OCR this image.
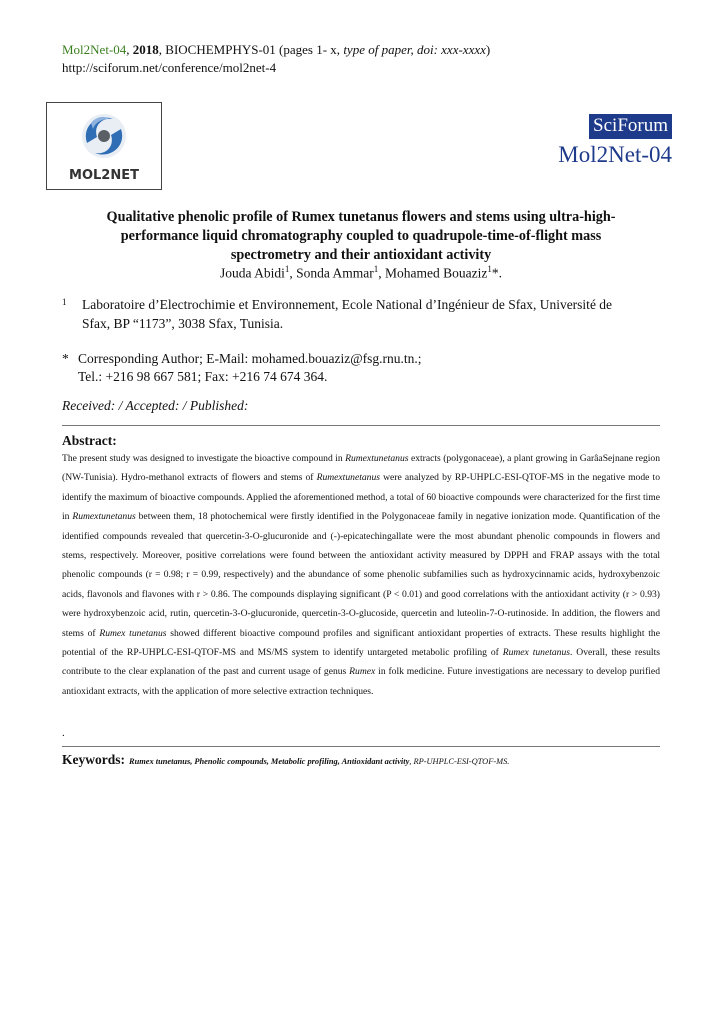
Mol2Net-04, 2018, BIOCHEMPHYS-01 (pages 1- x, type of paper, doi: xxx-xxxx)
http://sciforum.net/conference/mol2net-4
MOL2NET
SciForum
Mol2Net-04
Qualitative phenolic profile of Rumex tunetanus flowers and stems using ultra-high-
performance liquid chromatography coupled to quadrupole-time-of-flight mass
spectrometry and their antioxidant activity
Jouda Abidi$^1$, Sonda Ammar$^1$, Mohamed Bouaziz$^1$*.
1 Laboratoire d’Electrochimie et Environnement, Ecole National d’Ingénieur de Sfax, Université de
Sfax, BP “1173”, 3038 Sfax, Tunisia.
* Corresponding Author; E-Mail: mohamed.bouaziz@fsg.rnu.tn.;
Tel.: +216 98 667 581; Fax: +216 74 674 364.
Received: / Accepted: / Published:
Abstract:
The present study was designed to investigate the bioactive compound in Rumextunetanus extracts (polygonaceae), a plant growing in GarâaSejnane region (NW-Tunisia). Hydro-methanol extracts of flowers and stems of Rumextunetanus were analyzed by RP-UHPLC-ESI-QTOF-MS in the negative mode to identify the maximum of bioactive compounds. Applied the aforementioned method, a total of 60 bioactive compounds were characterized for the first time in Rumextunetanus between them, 18 photochemical were firstly identified in the Polygonaceae family in negative ionization mode. Quantification of the identified compounds revealed that quercetin-3-O-glucuronide and (-)-epicatechingallate were the most abundant phenolic compounds in flowers and stems, respectively. Moreover, positive correlations were found between the antioxidant activity measured by DPPH and FRAP assays with the total phenolic compounds (r = 0.98; r = 0.99, respectively) and the abundance of some phenolic subfamilies such as hydroxycinnamic acids, hydroxybenzoic acids, flavonols and flavones with r > 0.86. The compounds displaying significant (P < 0.01) and good correlations with the antioxidant activity (r > 0.93) were hydroxybenzoic acid, rutin, quercetin-3-O-glucuronide, quercetin-3-O-glucoside, quercetin and luteolin-7-O-rutinoside. In addition, the flowers and stems of Rumex tunetanus showed different bioactive compound profiles and significant antioxidant properties of extracts. These results highlight the potential of the RP-UHPLC-ESI-QTOF-MS and MS/MS system to identify untargeted metabolic profiling of Rumex tunetanus. Overall, these results contribute to the clear explanation of the past and current usage of genus Rumex in folk medicine. Future investigations are necessary to develop purified antioxidant extracts, with the application of more selective extraction techniques.
.
Keywords: Rumex tunetanus, Phenolic compounds, Metabolic profiling, Antioxidant activity, RP-UHPLC-ESI-QTOF-MS.
